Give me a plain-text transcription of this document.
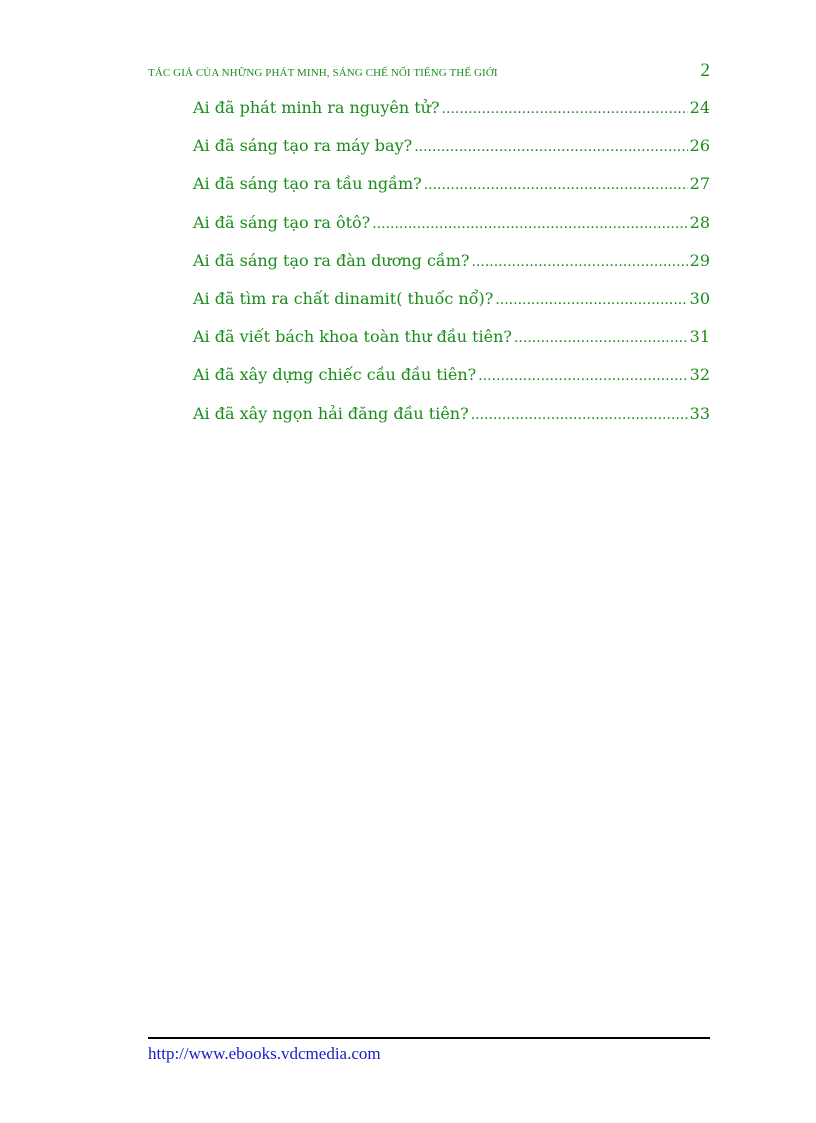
TÁC GIẢ CỦA NHỮNG PHÁT MINH, SÁNG CHẾ NỔI TIẾNG THẾ GIỚI	2
Ai đã phát minh ra nguyên tử? .....	24
Ai đã sáng tạo ra máy bay? .....	26
Ai đã sáng tạo ra tầu ngầm? .....	27
Ai đã sáng tạo ra ôtô? .....	28
Ai đã sáng tạo ra đàn dương cầm? .....	29
Ai đã tìm ra chất dinamit( thuốc nổ)? .....	30
Ai đã viết bách khoa toàn thư đầu tiên? .....	31
Ai đã xây dựng chiếc cầu đầu tiên? .....	32
Ai đã xây ngọn hải đăng đầu tiên? .....	33
http://www.ebooks.vdcmedia.com
